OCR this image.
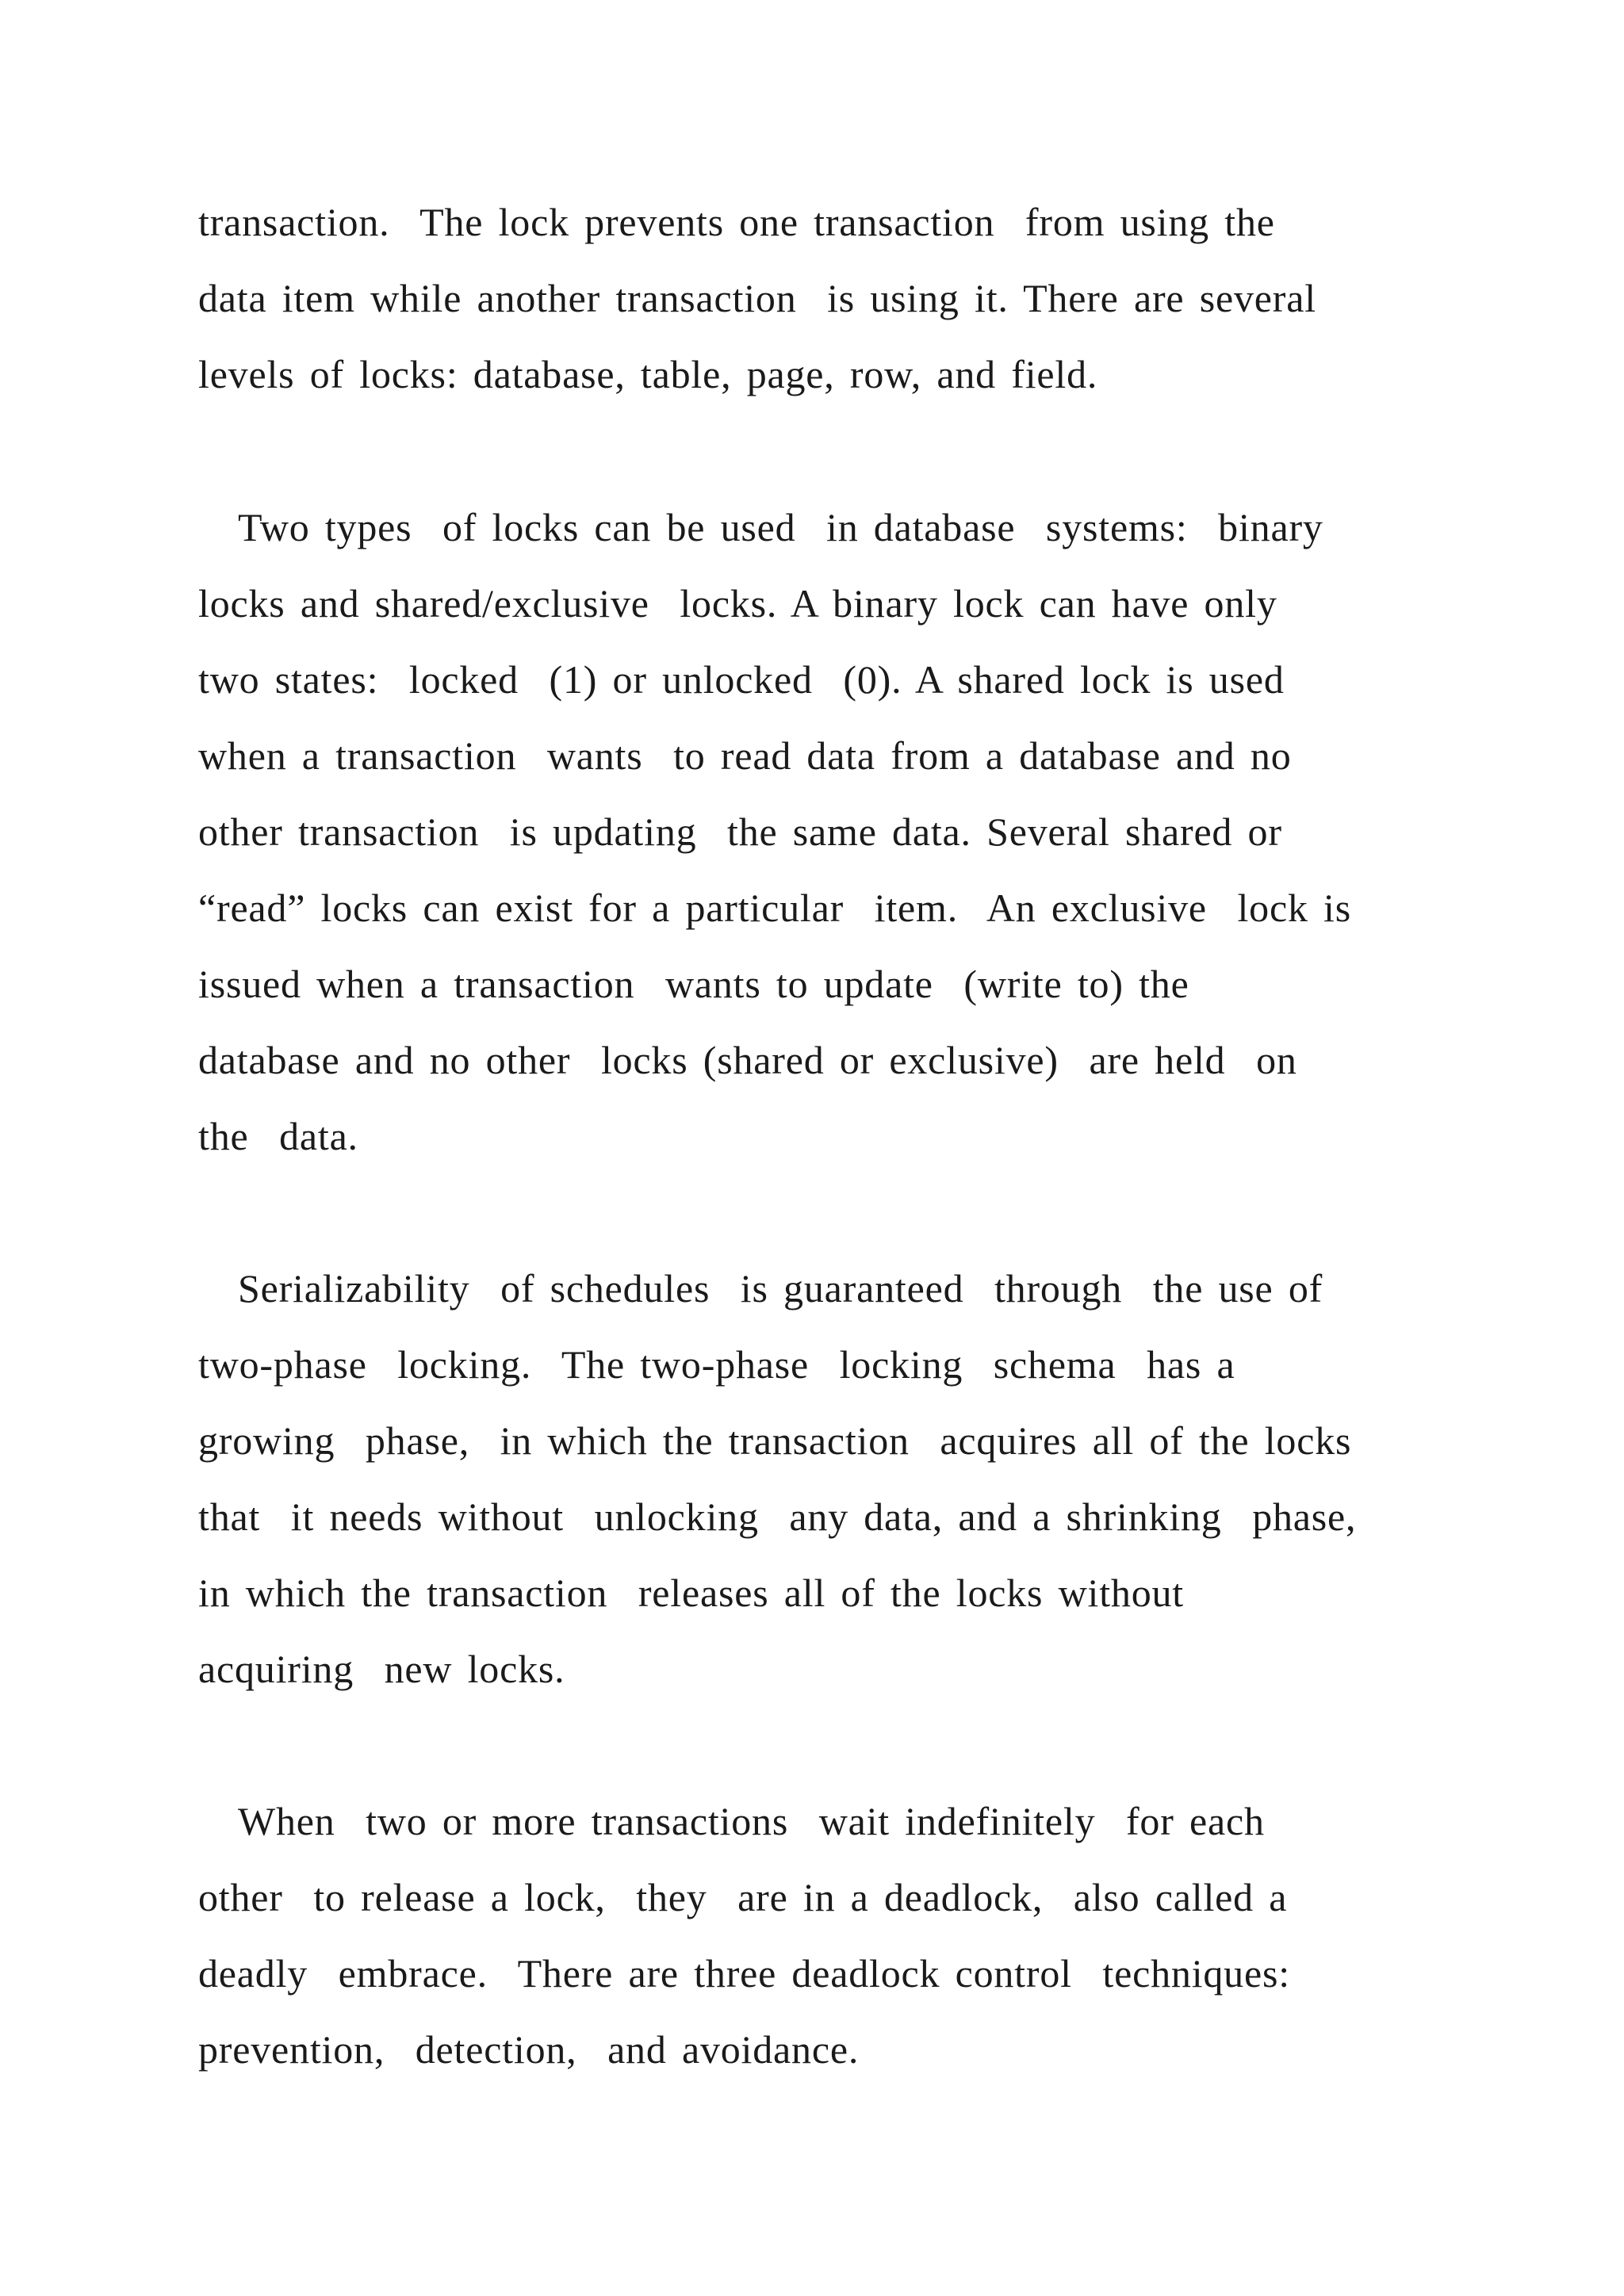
transaction.  The lock prevents one transaction  from using the
data item while another transaction  is using it. There are several
levels of locks: database, table, page, row, and field.
Two types  of locks can be used  in database  systems:  binary
locks and shared/exclusive  locks. A binary lock can have only
two states:  locked  (1) or unlocked  (0). A shared lock is used
when a transaction  wants  to read data from a database and no
other transaction  is updating  the same data. Several shared or
“read” locks can exist for a particular  item.  An exclusive  lock is
issued when a transaction  wants to update  (write to) the
database and no other  locks (shared or exclusive)  are held  on
the  data.
Serializability  of schedules  is guaranteed  through  the use of
two-phase  locking.  The two-phase  locking  schema  has a
growing  phase,  in which the transaction  acquires all of the locks
that  it needs without  unlocking  any data, and a shrinking  phase,
in which the transaction  releases all of the locks without
acquiring  new locks.
When  two or more transactions  wait indefinitely  for each
other  to release a lock,  they  are in a deadlock,  also called a
deadly  embrace.  There are three deadlock control  techniques:
prevention,  detection,  and avoidance.
